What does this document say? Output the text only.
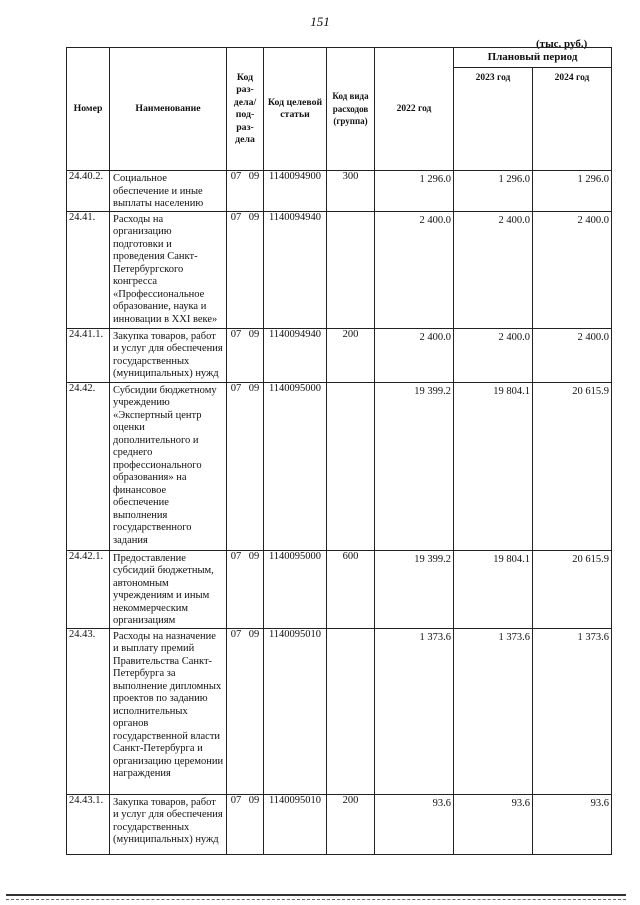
151
(тыс. руб.)
Номер	Наименование	Код раз-дела/ под-раз-дела	Код целевой статьи	Код вида расходов (группа)	2022 год	Плановый период	
						2023 год	2024 год
24.40.2.	Социальное обеспечение и иные выплаты населению	07 09	1140094900	300	1 296.0	1 296.0	1 296.0
24.41.	Расходы на организацию подготовки и проведения Санкт-Петербургского конгресса «Профессиональное образование, наука и инновации в XXI веке»	07 09	1140094940		2 400.0	2 400.0	2 400.0
24.41.1.	Закупка товаров, работ и услуг для обеспечения государственных (муниципальных) нужд	07 09	1140094940	200	2 400.0	2 400.0	2 400.0
24.42.	Субсидии бюджетному учреждению «Экспертный центр оценки дополнительного и среднего профессионального образования» на финансовое обеспечение выполнения государственного задания	07 09	1140095000		19 399.2	19 804.1	20 615.9
24.42.1.	Предоставление субсидий бюджетным, автономным учреждениям и иным некоммерческим организациям	07 09	1140095000	600	19 399.2	19 804.1	20 615.9
24.43.	Расходы на назначение и выплату премий Правительства Санкт-Петербурга за выполнение дипломных проектов по заданию исполнительных органов государственной власти Санкт-Петербурга и организацию церемонии награждения	07 09	1140095010		1 373.6	1 373.6	1 373.6
24.43.1.	Закупка товаров, работ и услуг для обеспечения государственных (муниципальных) нужд	07 09	1140095010	200	93.6	93.6	93.6
